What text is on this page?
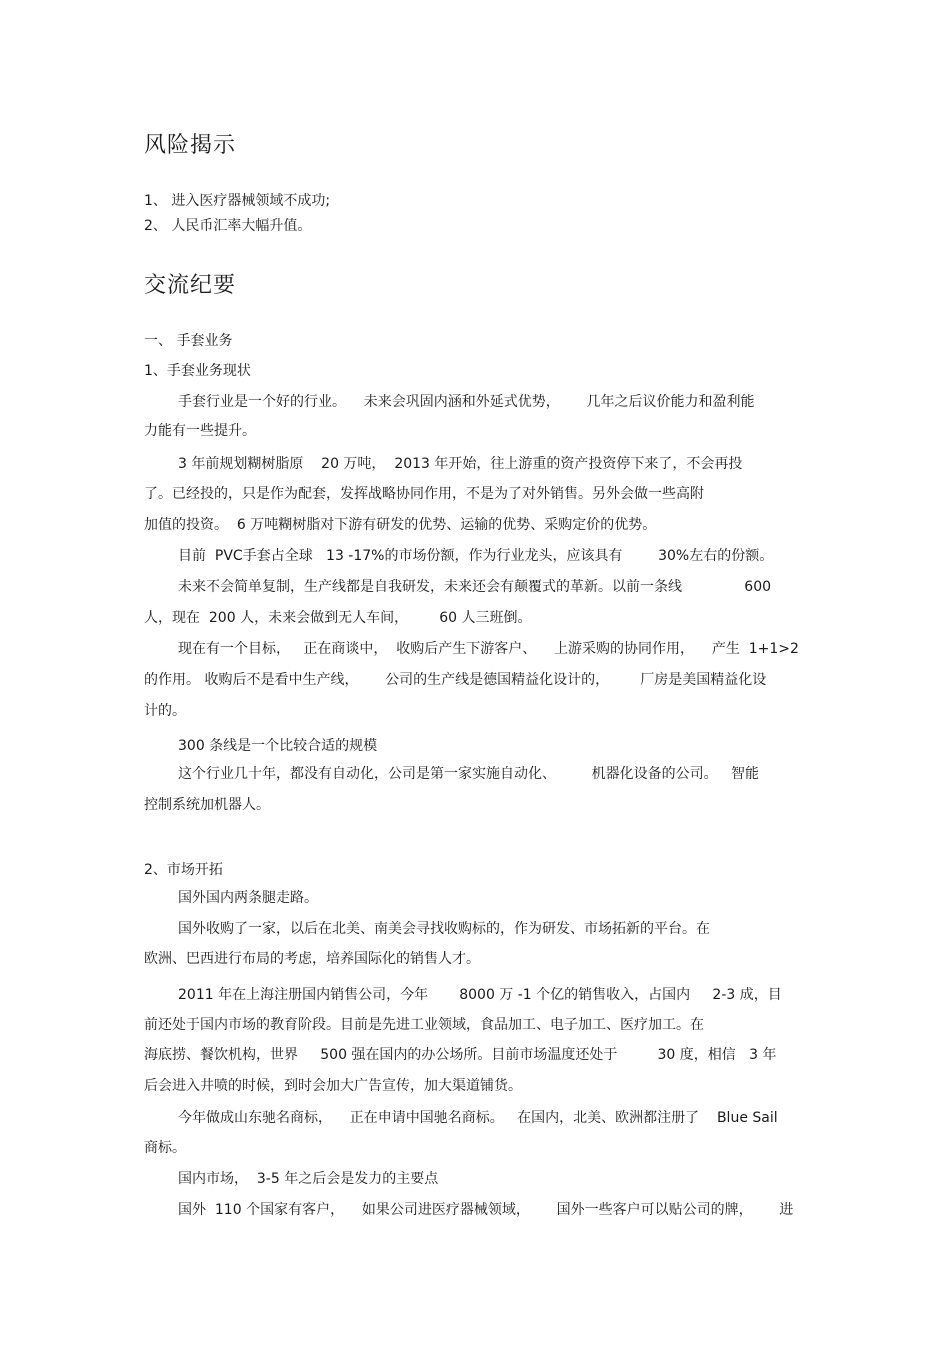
风险揭示
1、 进入医疗器械领域不成功;
2、 人民币汇率大幅升值。
交流纪要
一、 手套业务
1、手套业务现状
手套行业是一个好的行业。    未来会巩固内涵和外延式优势，      几年之后议价能力和盈利能
力能有一些提升。
3 年前规划糊树脂原    20 万吨，  2013 年开始，往上游重的资产投资停下来了，不会再投
了。已经投的，只是作为配套，发挥战略协同作用，不是为了对外销售。另外会做一些高附
加值的投资。  6 万吨糊树脂对下游有研发的优势、运输的优势、采购定价的优势。
目前  PVC手套占全球   13 -17%的市场份额，作为行业龙头，应该具有        30%左右的份额。
未来不会简单复制，生产线都是自我研发，未来还会有颠覆式的革新。以前一条线              600
人，现在  200 人，未来会做到无人车间，       60 人三班倒。
现在有一个目标，   正在商谈中，  收购后产生下游客户、    上游采购的协同作用，    产生  1+1>2
的作用。 收购后不是看中生产线，      公司的生产线是德国精益化设计的，       厂房是美国精益化设
计的。
300 条线是一个比较合适的规模
这个行业几十年，都没有自动化，公司是第一家实施自动化、        机器化设备的公司。   智能
控制系统加机器人。
2、市场开拓
国外国内两条腿走路。
国外收购了一家，以后在北美、南美会寻找收购标的，作为研发、市场拓新的平台。在
欧洲、巴西进行布局的考虑，培养国际化的销售人才。
2011 年在上海注册国内销售公司，今年       8000 万 -1 个亿的销售收入，占国内     2-3 成，目
前还处于国内市场的教育阶段。目前是先进工业领域，食品加工、电子加工、医疗加工。在
海底捞、餐饮机构，世界     500 强在国内的办公场所。目前市场温度还处于         30 度，相信   3 年
后会进入井喷的时候，到时会加大广告宣传，加大渠道铺货。
今年做成山东驰名商标，    正在申请中国驰名商标。   在国内，北美、欧洲都注册了    Blue Sail
商标。
国内市场，  3-5 年之后会是发力的主要点
国外  110 个国家有客户，    如果公司进医疗器械领域，      国外一些客户可以贴公司的牌，      进
